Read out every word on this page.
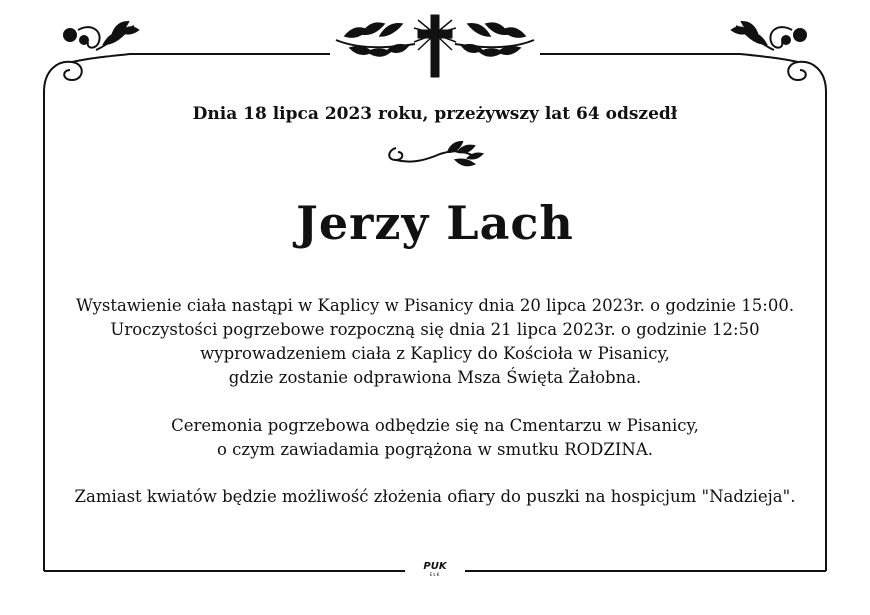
Dnia 18 lipca 2023 roku, przeżywszy lat 64 odszedł
Jerzy Lach
Wystawienie ciała nastąpi w Kaplicy w Pisanicy dnia 20 lipca 2023r. o godzinie 15:00.
Uroczystości pogrzebowe rozpoczną się dnia 21 lipca 2023r. o godzinie 12:50
wyprowadzeniem ciała z Kaplicy do Kościoła w Pisanicy,
gdzie zostanie odprawiona Msza Święta Żałobna.
Ceremonia pogrzebowa odbędzie się na Cmentarzu w Pisanicy,
o czym zawiadamia pogrążona w smutku RODZINA.
Zamiast kwiatów będzie możliwość złożenia ofiary do puszki na hospicjum "Nadzieja".
PUK
EŁK
